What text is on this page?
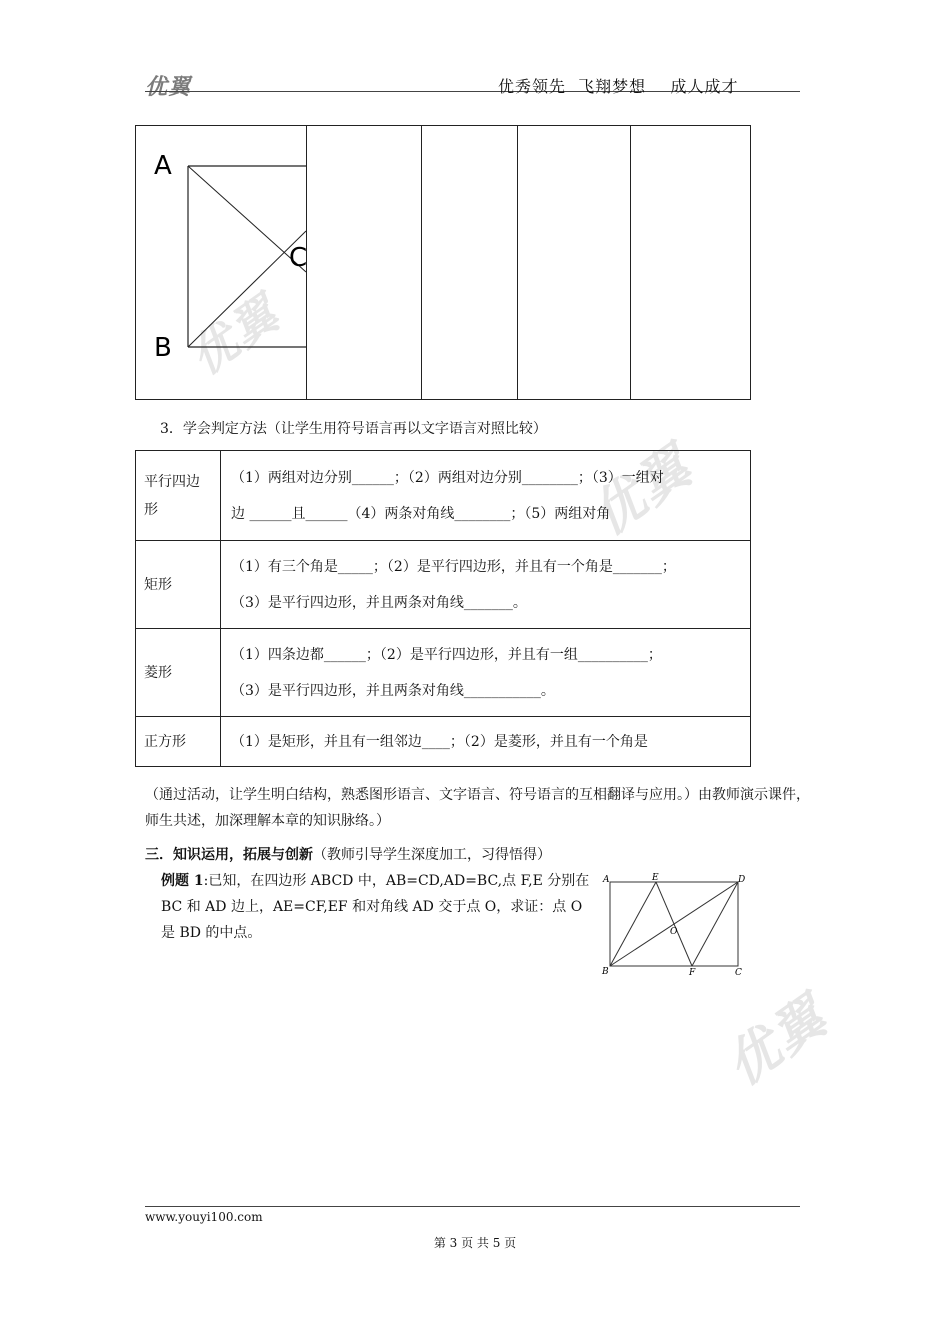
优翼
优翼
优翼
优翼	优秀领先  飞翔梦想    成人成才
A
B
C
3．学会判定方法（让学生用符号语言再以文字语言对照比较）
平行四边形	（1）两组对边分别______；（2）两组对边分别________；（3）一组对
边 ______且______（4）两条对角线________；（5）两组对角

矩形	（1）有三个角是_____；（2）是平行四边形，并且有一个角是_______；
（3）是平行四边形，并且两条对角线_______。

菱形	（1）四条边都______；（2）是平行四边形，并且有一组__________；
（3）是平行四边形，并且两条对角线___________。

正方形	（1）是矩形，并且有一组邻边____；（2）是菱形，并且有一个角是
（通过活动，让学生明白结构，熟悉图形语言、文字语言、符号语言的互相翻译与应用。）由教师演示课件，师生共述，加深理解本章的知识脉络。）
三．知识运用，拓展与创新（教师引导学生深度加工，习得悟得）
例题 1:已知，在四边形 ABCD 中，AB=CD,AD=BC,点 F,E 分别在 BC 和 AD 边上，AE=CF,EF 和对角线 AD 交于点 O，求证：点 O 是 BD 的中点。
A	E	D
O
B	F	C
www.youyi100.com
第 3 页 共 5 页
